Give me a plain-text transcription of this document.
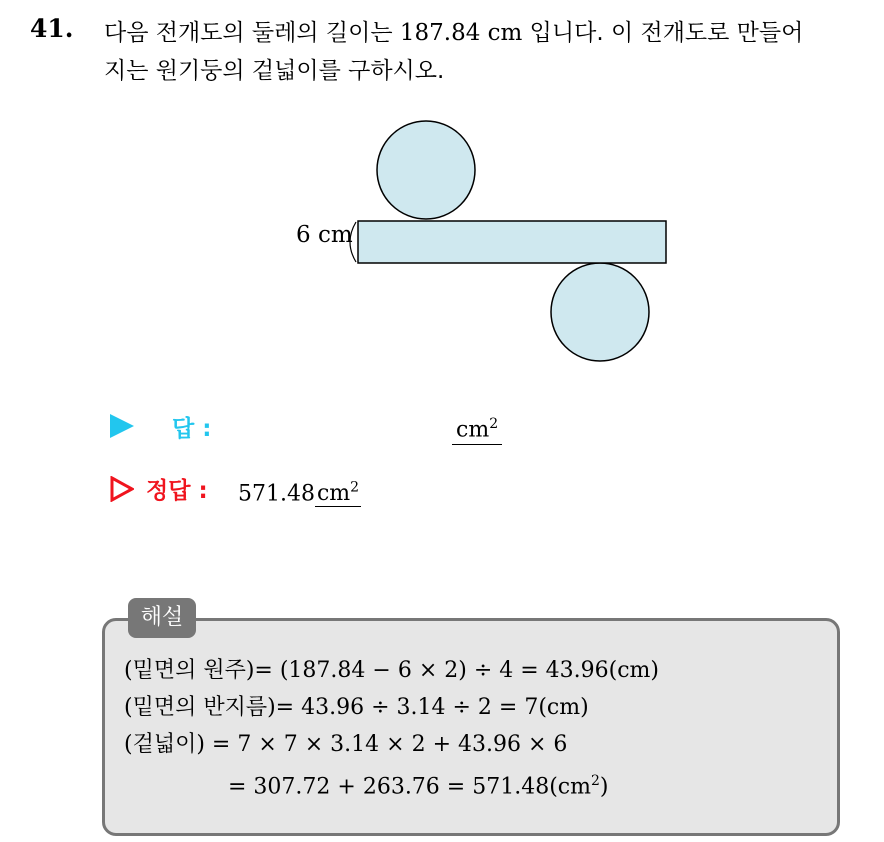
41. 다음 전개도의 둘레의 길이는 187.84 cm 입니다. 이 전개도로 만들어
지는 원기둥의 겉넓이를 구하시오.
6 cm
답 :	$cm^2$
정답 : $571.48cm^2$
해설
(밑면의 원주)= (187.84 − 6 × 2) ÷ 4 = 43.96(cm)
(밑면의 반지름)= 43.96 ÷ 3.14 ÷ 2 = 7(cm)
(겉넓이) = 7 × 7 × 3.14 × 2 + 43.96 × 6
= $307.72 + 263.76 = 571.48(cm^2)$
